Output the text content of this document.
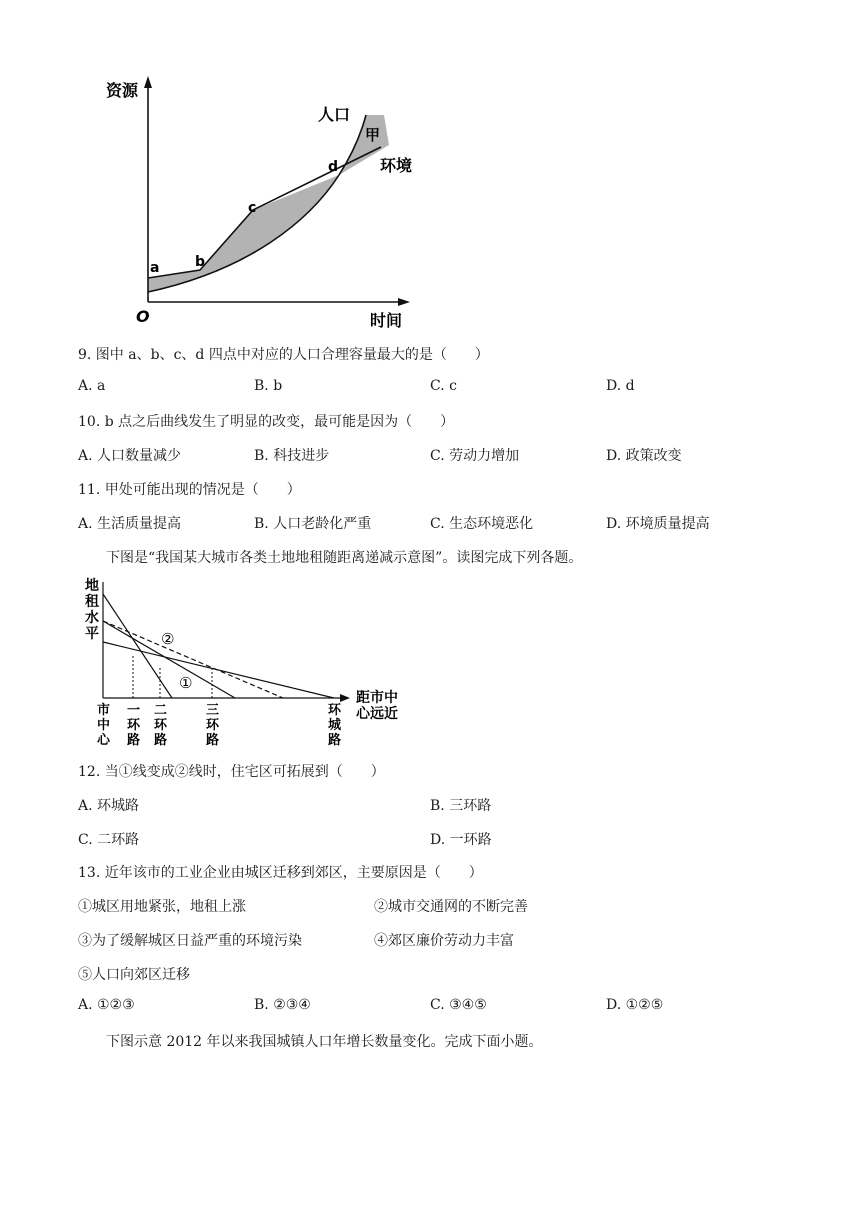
资源
时间
O
人口
环境
甲
a	b
c
d
9. 图中 a、b、c、d 四点中对应的人口合理容量最大的是（　　）
A. a	B. b	C. c	D. d
10. b 点之后曲线发生了明显的改变，最可能是因为（　　）
A. 人口数量减少	B. 科技进步	C. 劳动力增加	D. 政策改变
11. 甲处可能出现的情况是（　　）
A. 生活质量提高	B. 人口老龄化严重	C. 生态环境恶化	D. 环境质量提高
下图是“我国某大城市各类土地地租随距离递减示意图”。读图完成下列各题。
②
①
地
租
水
平
距市中
心远近
市
中
心
一
环
路
二
环
路
三
环
路
环
城
路
12. 当①线变成②线时，住宅区可拓展到（　　）
A. 环城路	B. 三环路
C. 二环路	D. 一环路
13. 近年该市的工业企业由城区迁移到郊区，主要原因是（　　）
①城区用地紧张，地租上涨	②城市交通网的不断完善
③为了缓解城区日益严重的环境污染	④郊区廉价劳动力丰富
⑤人口向郊区迁移
A. ①②③	B. ②③④	C. ③④⑤	D. ①②⑤
下图示意 2012 年以来我国城镇人口年增长数量变化。完成下面小题。
